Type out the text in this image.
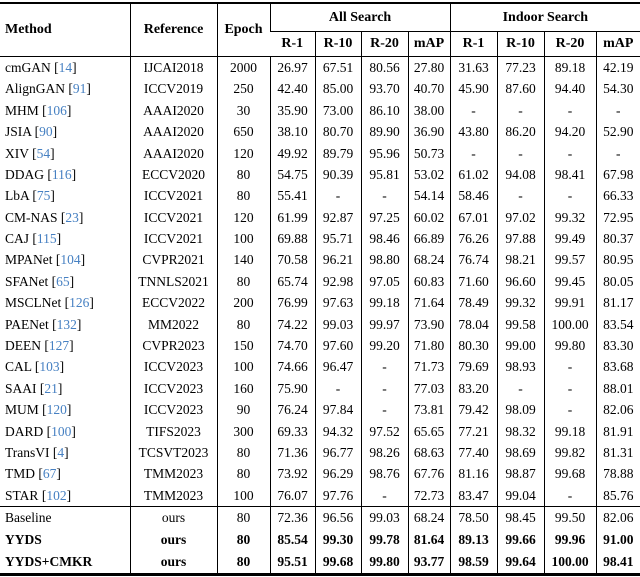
Method	Reference	Epoch	All Search				Indoor Search			
			R-1	R-10	R-20	mAP	R-1	R-10	R-20	mAP
cmGAN [14]	IJCAI2018	2000	26.97	67.51	80.56	27.80	31.63	77.23	89.18	42.19
AlignGAN [91]	ICCV2019	250	42.40	85.00	93.70	40.70	45.90	87.60	94.40	54.30
MHM [106]	AAAI2020	30	35.90	73.00	86.10	38.00	-	-	-	-
JSIA [90]	AAAI2020	650	38.10	80.70	89.90	36.90	43.80	86.20	94.20	52.90
XIV [54]	AAAI2020	120	49.92	89.79	95.96	50.73	-	-	-	-
DDAG [116]	ECCV2020	80	54.75	90.39	95.81	53.02	61.02	94.08	98.41	67.98
LbA [75]	ICCV2021	80	55.41	-	-	54.14	58.46	-	-	66.33
CM-NAS [23]	ICCV2021	120	61.99	92.87	97.25	60.02	67.01	97.02	99.32	72.95
CAJ [115]	ICCV2021	100	69.88	95.71	98.46	66.89	76.26	97.88	99.49	80.37
MPANet [104]	CVPR2021	140	70.58	96.21	98.80	68.24	76.74	98.21	99.57	80.95
SFANet [65]	TNNLS2021	80	65.74	92.98	97.05	60.83	71.60	96.60	99.45	80.05
MSCLNet [126]	ECCV2022	200	76.99	97.63	99.18	71.64	78.49	99.32	99.91	81.17
PAENet [132]	MM2022	80	74.22	99.03	99.97	73.90	78.04	99.58	100.00	83.54
DEEN [127]	CVPR2023	150	74.70	97.60	99.20	71.80	80.30	99.00	99.80	83.30
CAL [103]	ICCV2023	100	74.66	96.47	-	71.73	79.69	98.93	-	83.68
SAAI [21]	ICCV2023	160	75.90	-	-	77.03	83.20	-	-	88.01
MUM [120]	ICCV2023	90	76.24	97.84	-	73.81	79.42	98.09	-	82.06
DARD [100]	TIFS2023	300	69.33	94.32	97.52	65.65	77.21	98.32	99.18	81.91
TransVI [4]	TCSVT2023	80	71.36	96.77	98.26	68.63	77.40	98.69	99.82	81.31
TMD [67]	TMM2023	80	73.92	96.29	98.76	67.76	81.16	98.87	99.68	78.88
STAR [102]	TMM2023	100	76.07	97.76	-	72.73	83.47	99.04	-	85.76
Baseline	ours	80	72.36	96.56	99.03	68.24	78.50	98.45	99.50	82.06
YYDS	ours	80	85.54	99.30	99.78	81.64	89.13	99.66	99.96	91.00
YYDS+CMKR	ours	80	95.51	99.68	99.80	93.77	98.59	99.64	100.00	98.41
